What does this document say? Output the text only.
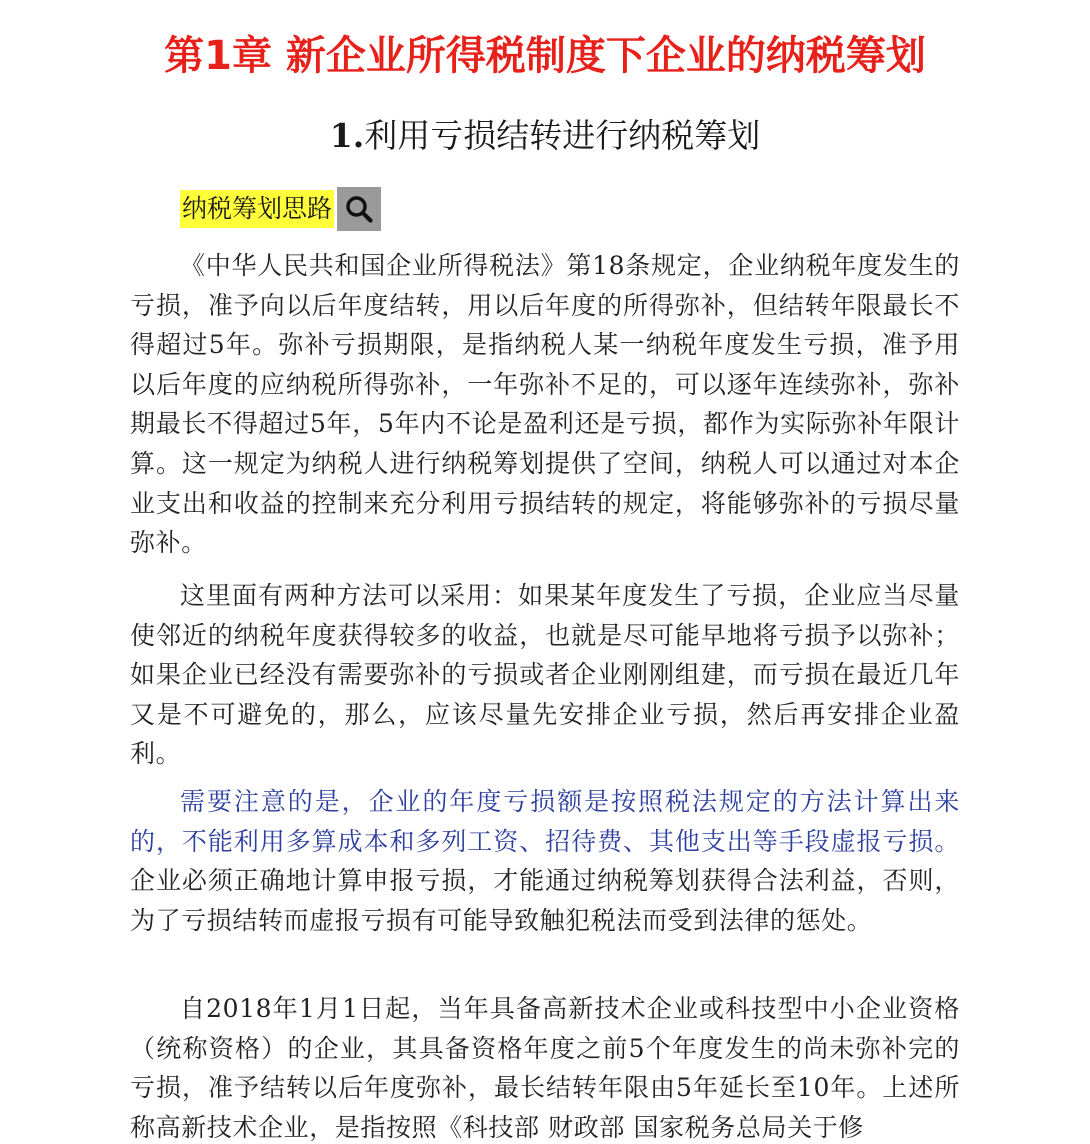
第1章 新企业所得税制度下企业的纳税筹划
1.利用亏损结转进行纳税筹划
纳税筹划思路

《中华人民共和国企业所得税法》第18条规定，企业纳税年度发生的亏损，准予向以后年度结转，用以后年度的所得弥补，但结转年限最长不得超过5年。弥补亏损期限，是指纳税人某一纳税年度发生亏损，准予用以后年度的应纳税所得弥补，一年弥补不足的，可以逐年连续弥补，弥补期最长不得超过5年，5年内不论是盈利还是亏损，都作为实际弥补年限计算。这一规定为纳税人进行纳税筹划提供了空间，纳税人可以通过对本企业支出和收益的控制来充分利用亏损结转的规定，将能够弥补的亏损尽量弥补。

这里面有两种方法可以采用：如果某年度发生了亏损，企业应当尽量使邻近的纳税年度获得较多的收益，也就是尽可能早地将亏损予以弥补；如果企业已经没有需要弥补的亏损或者企业刚刚组建，而亏损在最近几年又是不可避免的，那么，应该尽量先安排企业亏损，然后再安排企业盈利。

需要注意的是，企业的年度亏损额是按照税法规定的方法计算出来的，不能利用多算成本和多列工资、招待费、其他支出等手段虚报亏损。企业必须正确地计算申报亏损，才能通过纳税筹划获得合法利益，否则，为了亏损结转而虚报亏损有可能导致触犯税法而受到法律的惩处。

自2018年1月1日起，当年具备高新技术企业或科技型中小企业资格（统称资格）的企业，其具备资格年度之前5个年度发生的尚未弥补完的亏损，准予结转以后年度弥补，最长结转年限由5年延长至10年。上述所称高新技术企业，是指按照《科技部 财政部 国家税务总局关于修
